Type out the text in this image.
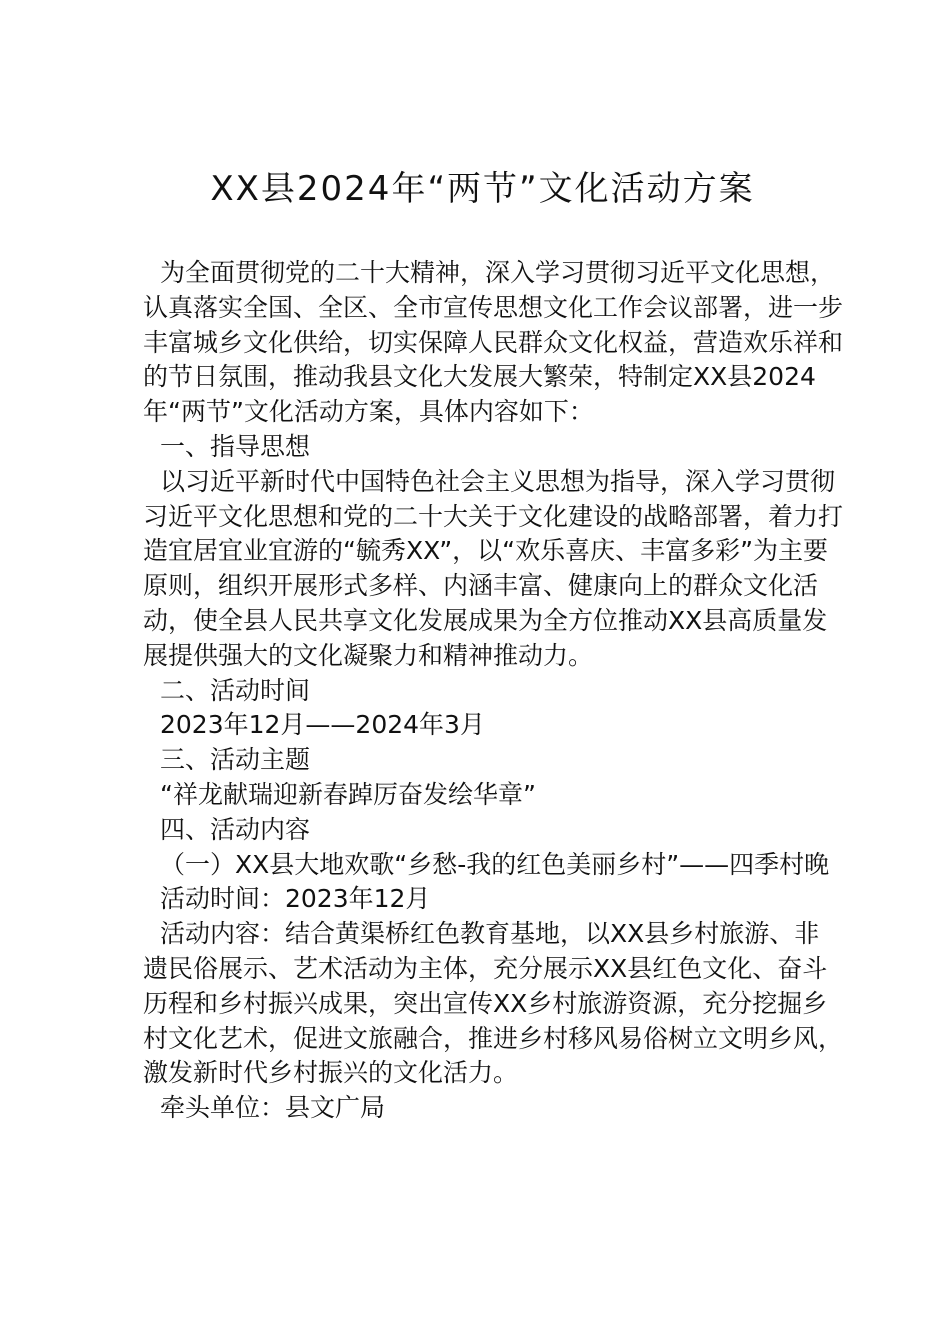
XX县2024年“两节”文化活动方案

为全面贯彻党的二十大精神，深入学习贯彻习近平文化思想，认真落实全国、全区、全市宣传思想文化工作会议部署，进一步丰富城乡文化供给，切实保障人民群众文化权益，营造欢乐祥和的节日氛围，推动我县文化大发展大繁荣，特制定XX县2024年“两节”文化活动方案，具体内容如下：

一、指导思想

以习近平新时代中国特色社会主义思想为指导，深入学习贯彻习近平文化思想和党的二十大关于文化建设的战略部署，着力打造宜居宜业宜游的“毓秀XX”，以“欢乐喜庆、丰富多彩”为主要原则，组织开展形式多样、内涵丰富、健康向上的群众文化活动，使全县人民共享文化发展成果为全方位推动XX县高质量发展提供强大的文化凝聚力和精神推动力。

二、活动时间

2023年12月——2024年3月

三、活动主题

“祥龙献瑞迎新春踔厉奋发绘华章”

四、活动内容

（一）XX县大地欢歌“乡愁-我的红色美丽乡村”——四季村晚

活动时间：2023年12月

活动内容：结合黄渠桥红色教育基地，以XX县乡村旅游、非遗民俗展示、艺术活动为主体，充分展示XX县红色文化、奋斗历程和乡村振兴成果，突出宣传XX乡村旅游资源，充分挖掘乡村文化艺术，促进文旅融合，推进乡村移风易俗树立文明乡风，激发新时代乡村振兴的文化活力。

牵头单位：县文广局
